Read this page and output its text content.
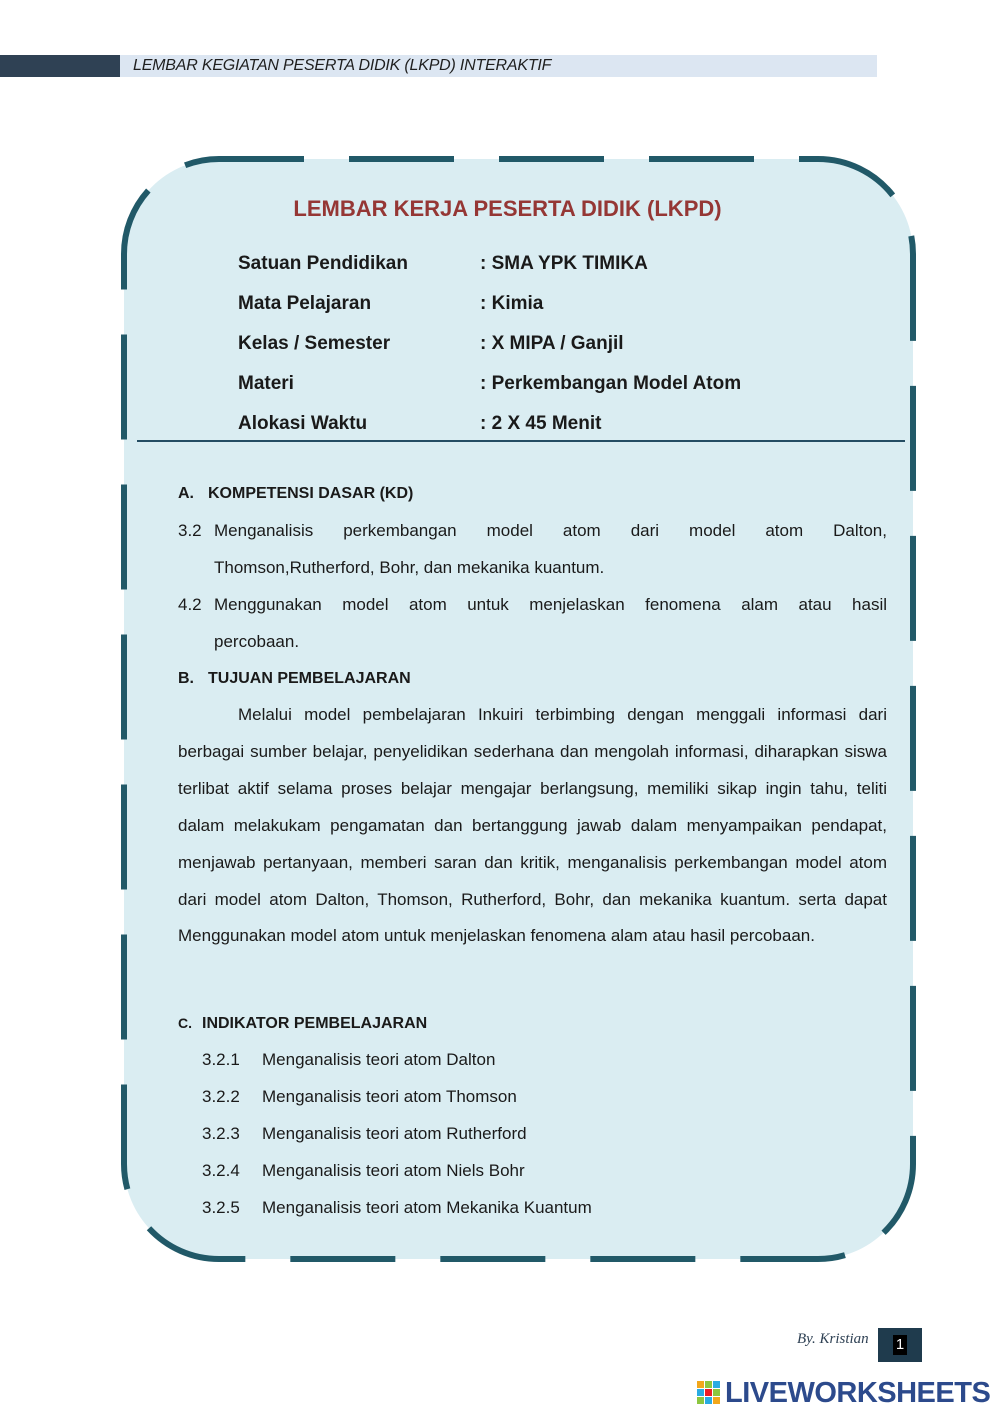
LEMBAR KEGIATAN PESERTA DIDIK (LKPD) INTERAKTIF
LEMBAR KERJA PESERTA DIDIK (LKPD)
Satuan Pendidikan	: SMA YPK TIMIKA
Mata Pelajaran	: Kimia
Kelas / Semester	: X MIPA / Ganjil
Materi	: Perkembangan Model Atom
Alokasi Waktu	: 2 X 45 Menit
A. KOMPETENSI DASAR (KD)
3.2 Menganalisis perkembangan model atom dari model atom Dalton,
Thomson,Rutherford, Bohr, dan mekanika kuantum.
4.2 Menggunakan model atom untuk menjelaskan fenomena alam atau hasil
percobaan.
B. TUJUAN PEMBELAJARAN
Melalui model pembelajaran Inkuiri terbimbing dengan menggali informasi dari berbagai sumber belajar, penyelidikan sederhana dan mengolah informasi, diharapkan siswa terlibat aktif selama proses belajar mengajar berlangsung, memiliki sikap ingin tahu, teliti dalam melakukam pengamatan dan bertanggung jawab dalam menyampaikan pendapat, menjawab pertanyaan, memberi saran dan kritik, menganalisis perkembangan model atom dari model atom Dalton, Thomson, Rutherford, Bohr, dan mekanika kuantum. serta dapat Menggunakan model atom untuk menjelaskan fenomena alam atau hasil percobaan.
C. INDIKATOR PEMBELAJARAN
3.2.1 Menganalisis teori atom Dalton
3.2.2 Menganalisis teori atom Thomson
3.2.3 Menganalisis teori atom Rutherford
3.2.4 Menganalisis teori atom Niels Bohr
3.2.5 Menganalisis teori atom Mekanika Kuantum
By. Kristian 1
LIVEWORKSHEETS
